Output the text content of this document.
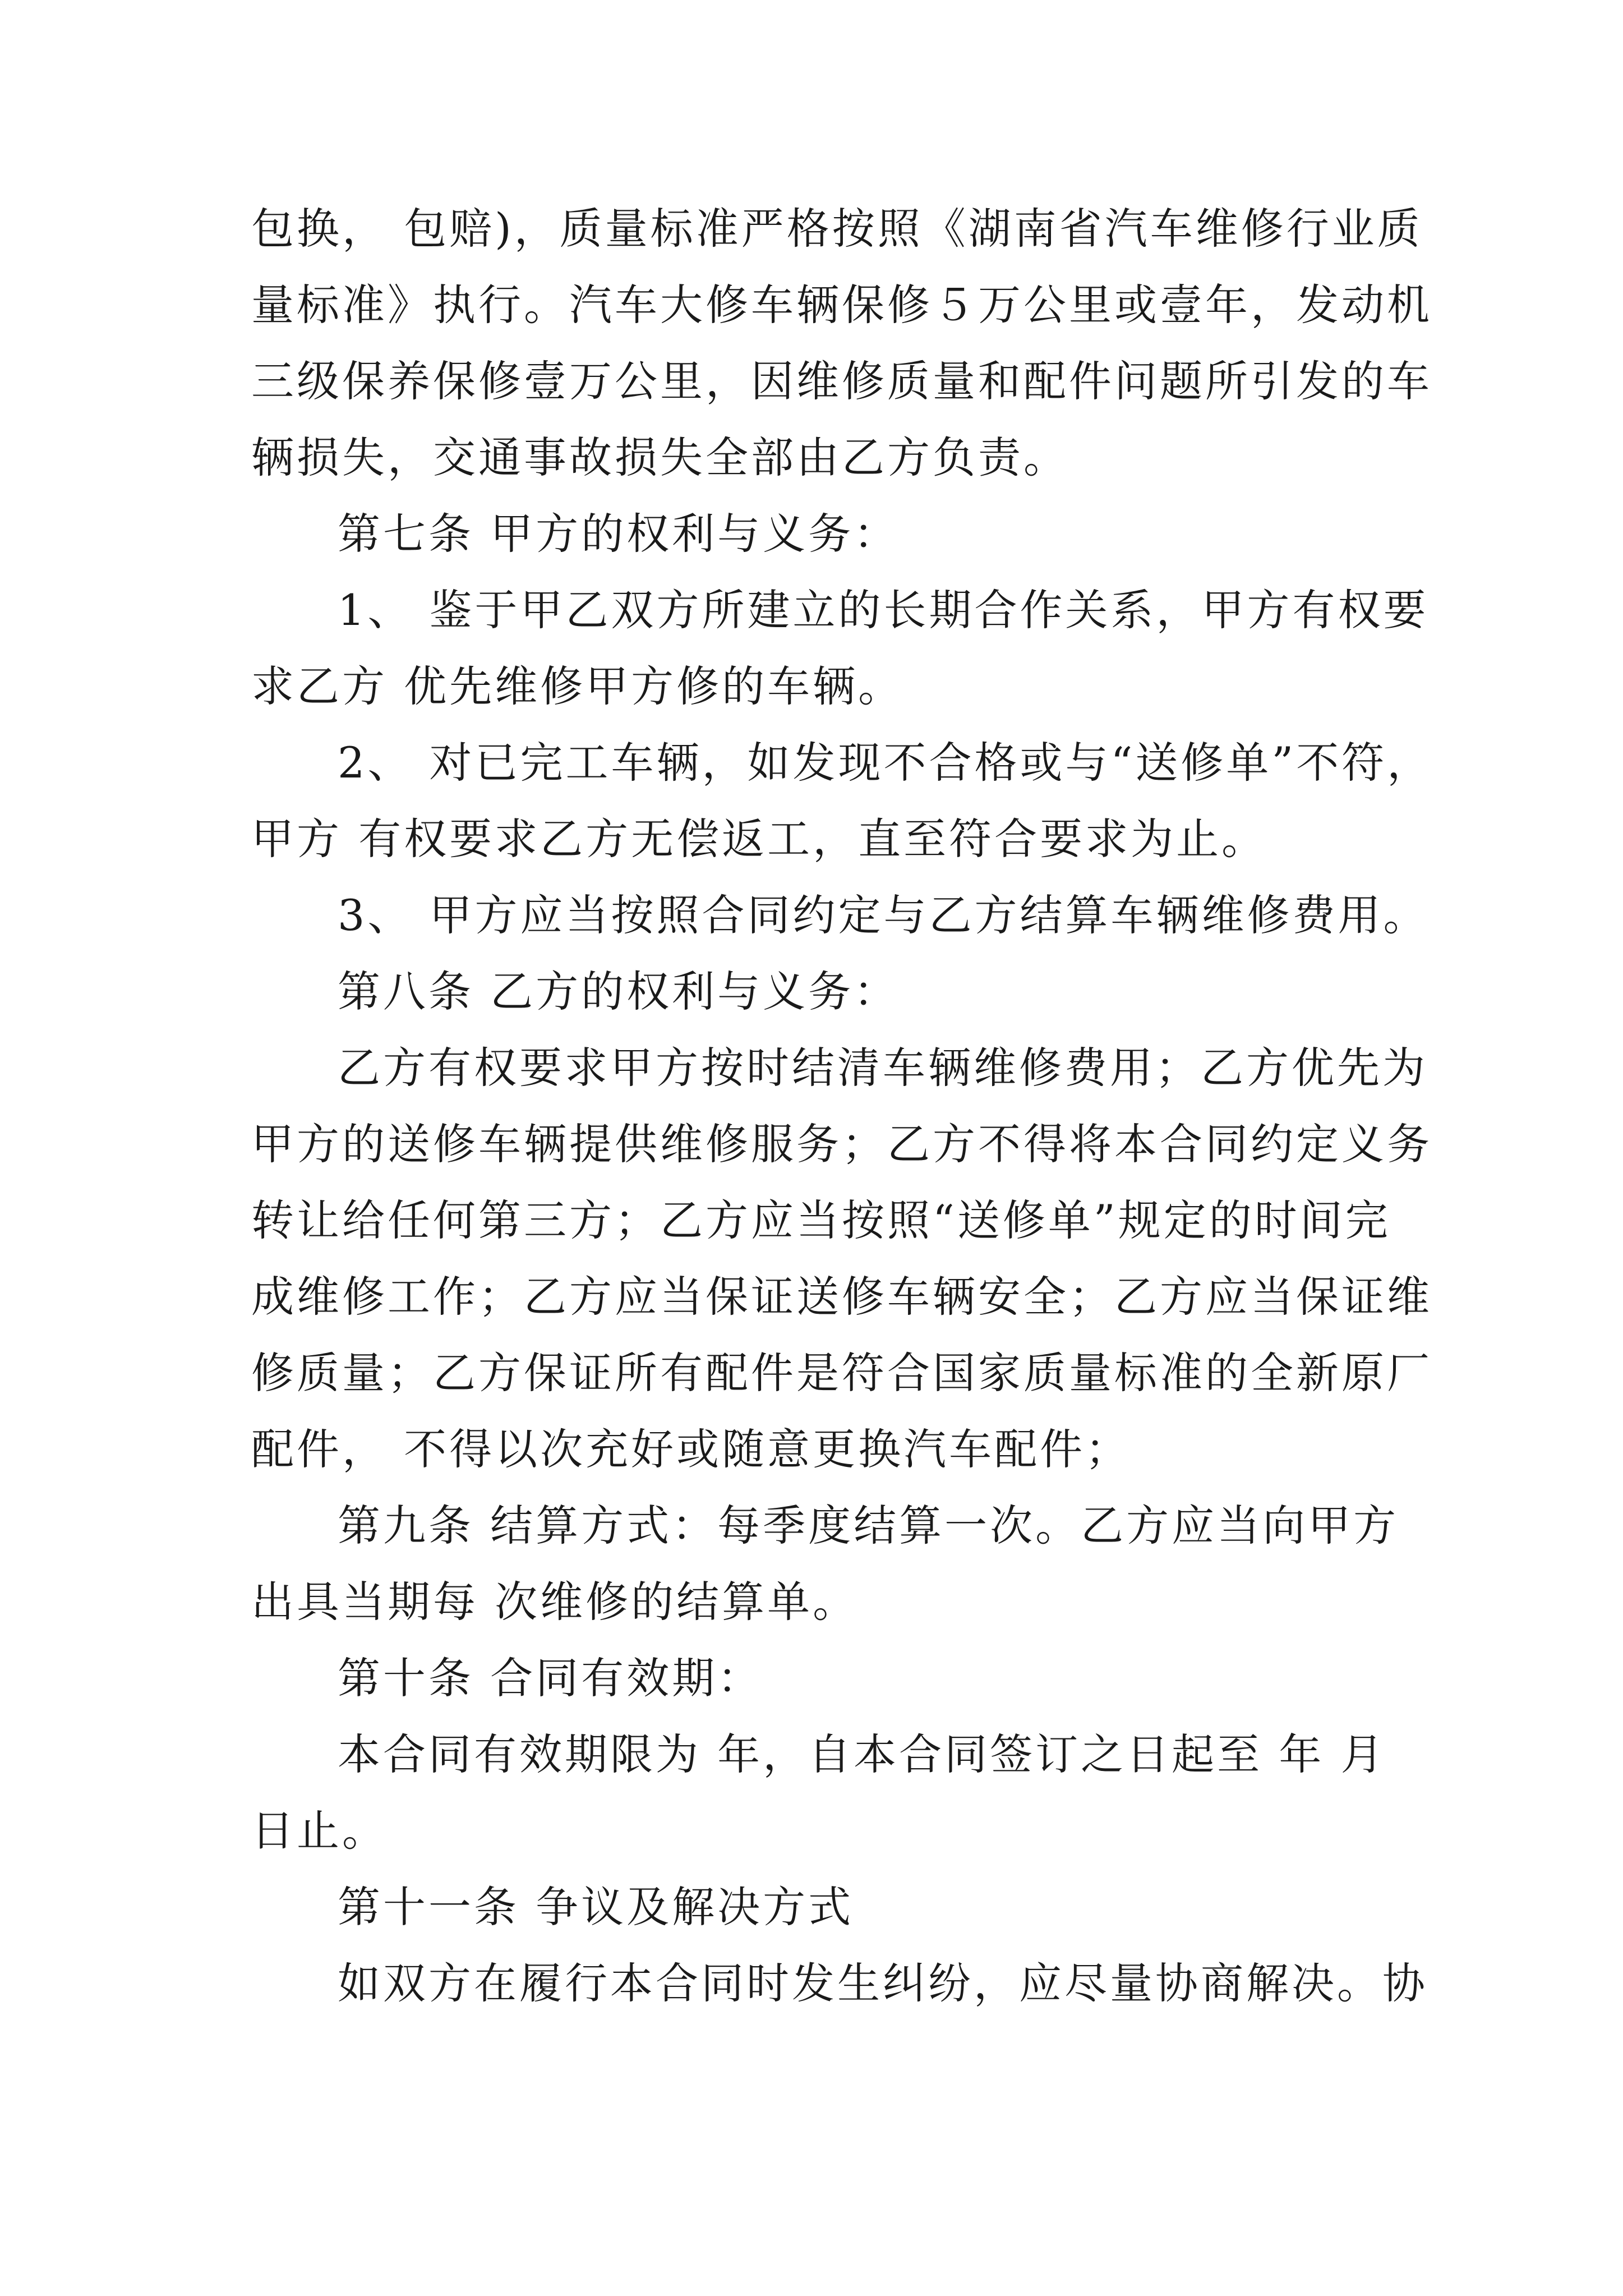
包换， 包赔)，质量标准严格按照《湖南省汽车维修行业质
量标准》执行。汽车大修车辆保修５万公里或壹年，发动机
三级保养保修壹万公里，因维修质量和配件问题所引发的车
辆损失，交通事故损失全部由乙方负责。
第七条 甲方的权利与义务：
1、 鉴于甲乙双方所建立的长期合作关系，甲方有权要
求乙方 优先维修甲方修的车辆。
2、 对已完工车辆，如发现不合格或与“送修单”不符，
甲方 有权要求乙方无偿返工，直至符合要求为止。
3、 甲方应当按照合同约定与乙方结算车辆维修费用。
第八条 乙方的权利与义务：
乙方有权要求甲方按时结清车辆维修费用；乙方优先为
甲方的送修车辆提供维修服务；乙方不得将本合同约定义务
转让给任何第三方；乙方应当按照“送修单”规定的时间完
成维修工作；乙方应当保证送修车辆安全；乙方应当保证维
修质量；乙方保证所有配件是符合国家质量标准的全新原厂
配件， 不得以次充好或随意更换汽车配件；
第九条 结算方式：每季度结算一次。乙方应当向甲方
出具当期每 次维修的结算单。
第十条 合同有效期：
本合同有效期限为 年，自本合同签订之日起至 年 月
日止。
第十一条 争议及解决方式
如双方在履行本合同时发生纠纷，应尽量协商解决。协
